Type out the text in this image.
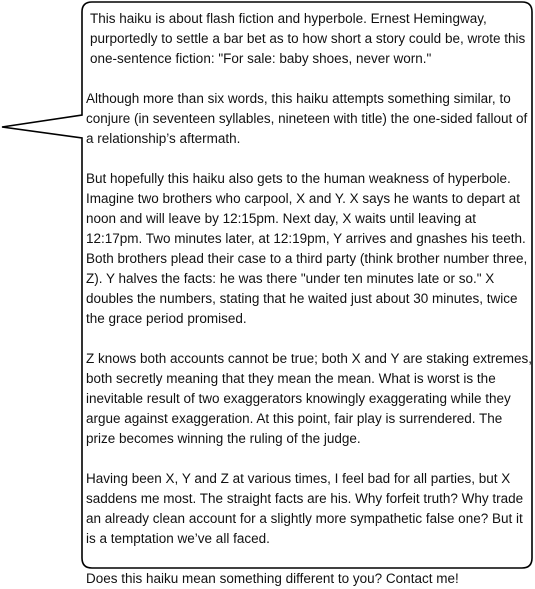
This haiku is about flash fiction and hyperbole. Ernest Hemingway, purportedly to settle a bar bet as to how short a story could be, wrote this one-sentence fiction: "For sale: baby shoes, never worn."

Although more than six words, this haiku attempts something similar, to conjure (in seventeen syllables, nineteen with title) the one-sided fallout of a relationship’s aftermath.

But hopefully this haiku also gets to the human weakness of hyperbole. Imagine two brothers who carpool, X and Y. X says he wants to depart at noon and will leave by 12:15pm. Next day, X waits until leaving at 12:17pm. Two minutes later, at 12:19pm, Y arrives and gnashes his teeth. Both brothers plead their case to a third party (think brother number three, Z). Y halves the facts: he was there "under ten minutes late or so." X doubles the numbers, stating that he waited just about 30 minutes, twice the grace period promised.

Z knows both accounts cannot be true; both X and Y are staking extremes, both secretly meaning that they mean the mean. What is worst is the inevitable result of two exaggerators knowingly exaggerating while they argue against exaggeration. At this point, fair play is surrendered. The prize becomes winning the ruling of the judge.

Having been X, Y and Z at various times, I feel bad for all parties, but X saddens me most. The straight facts are his. Why forfeit truth? Why trade an already clean account for a slightly more sympathetic false one? But it is a temptation we’ve all faced.

Does this haiku mean something different to you? Contact me!
